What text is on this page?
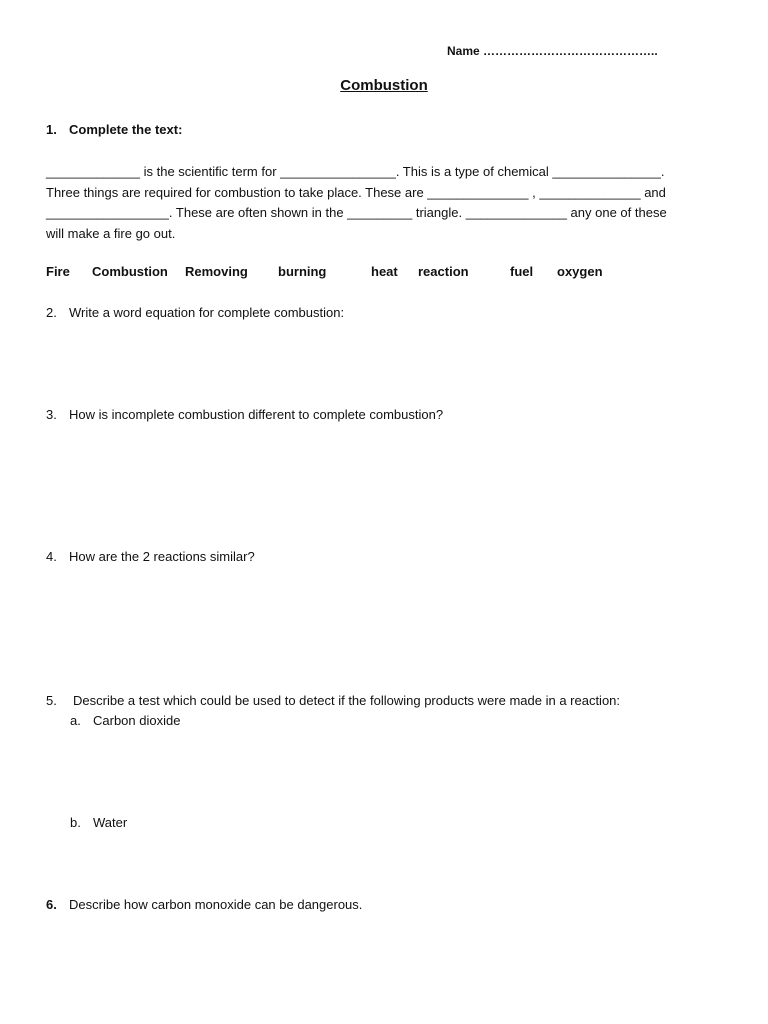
Name ……………………………………..
Combustion
1. Complete the text:
_____________ is the scientific term for ________________. This is a type of chemical _______________.
Three things are required for combustion to take place. These are ______________ , ______________ and
_________________. These are often shown in the _________ triangle. ______________ any one of these
will make a fire go out.
Fire Combustion Removing burning	heat reaction	fuel oxygen
2. Write a word equation for complete combustion:
3. How is incomplete combustion different to complete combustion?
4. How are the 2 reactions similar?
5. Describe a test which could be used to detect if the following products were made in a reaction:
a. Carbon dioxide
b. Water
6. Describe how carbon monoxide can be dangerous.
